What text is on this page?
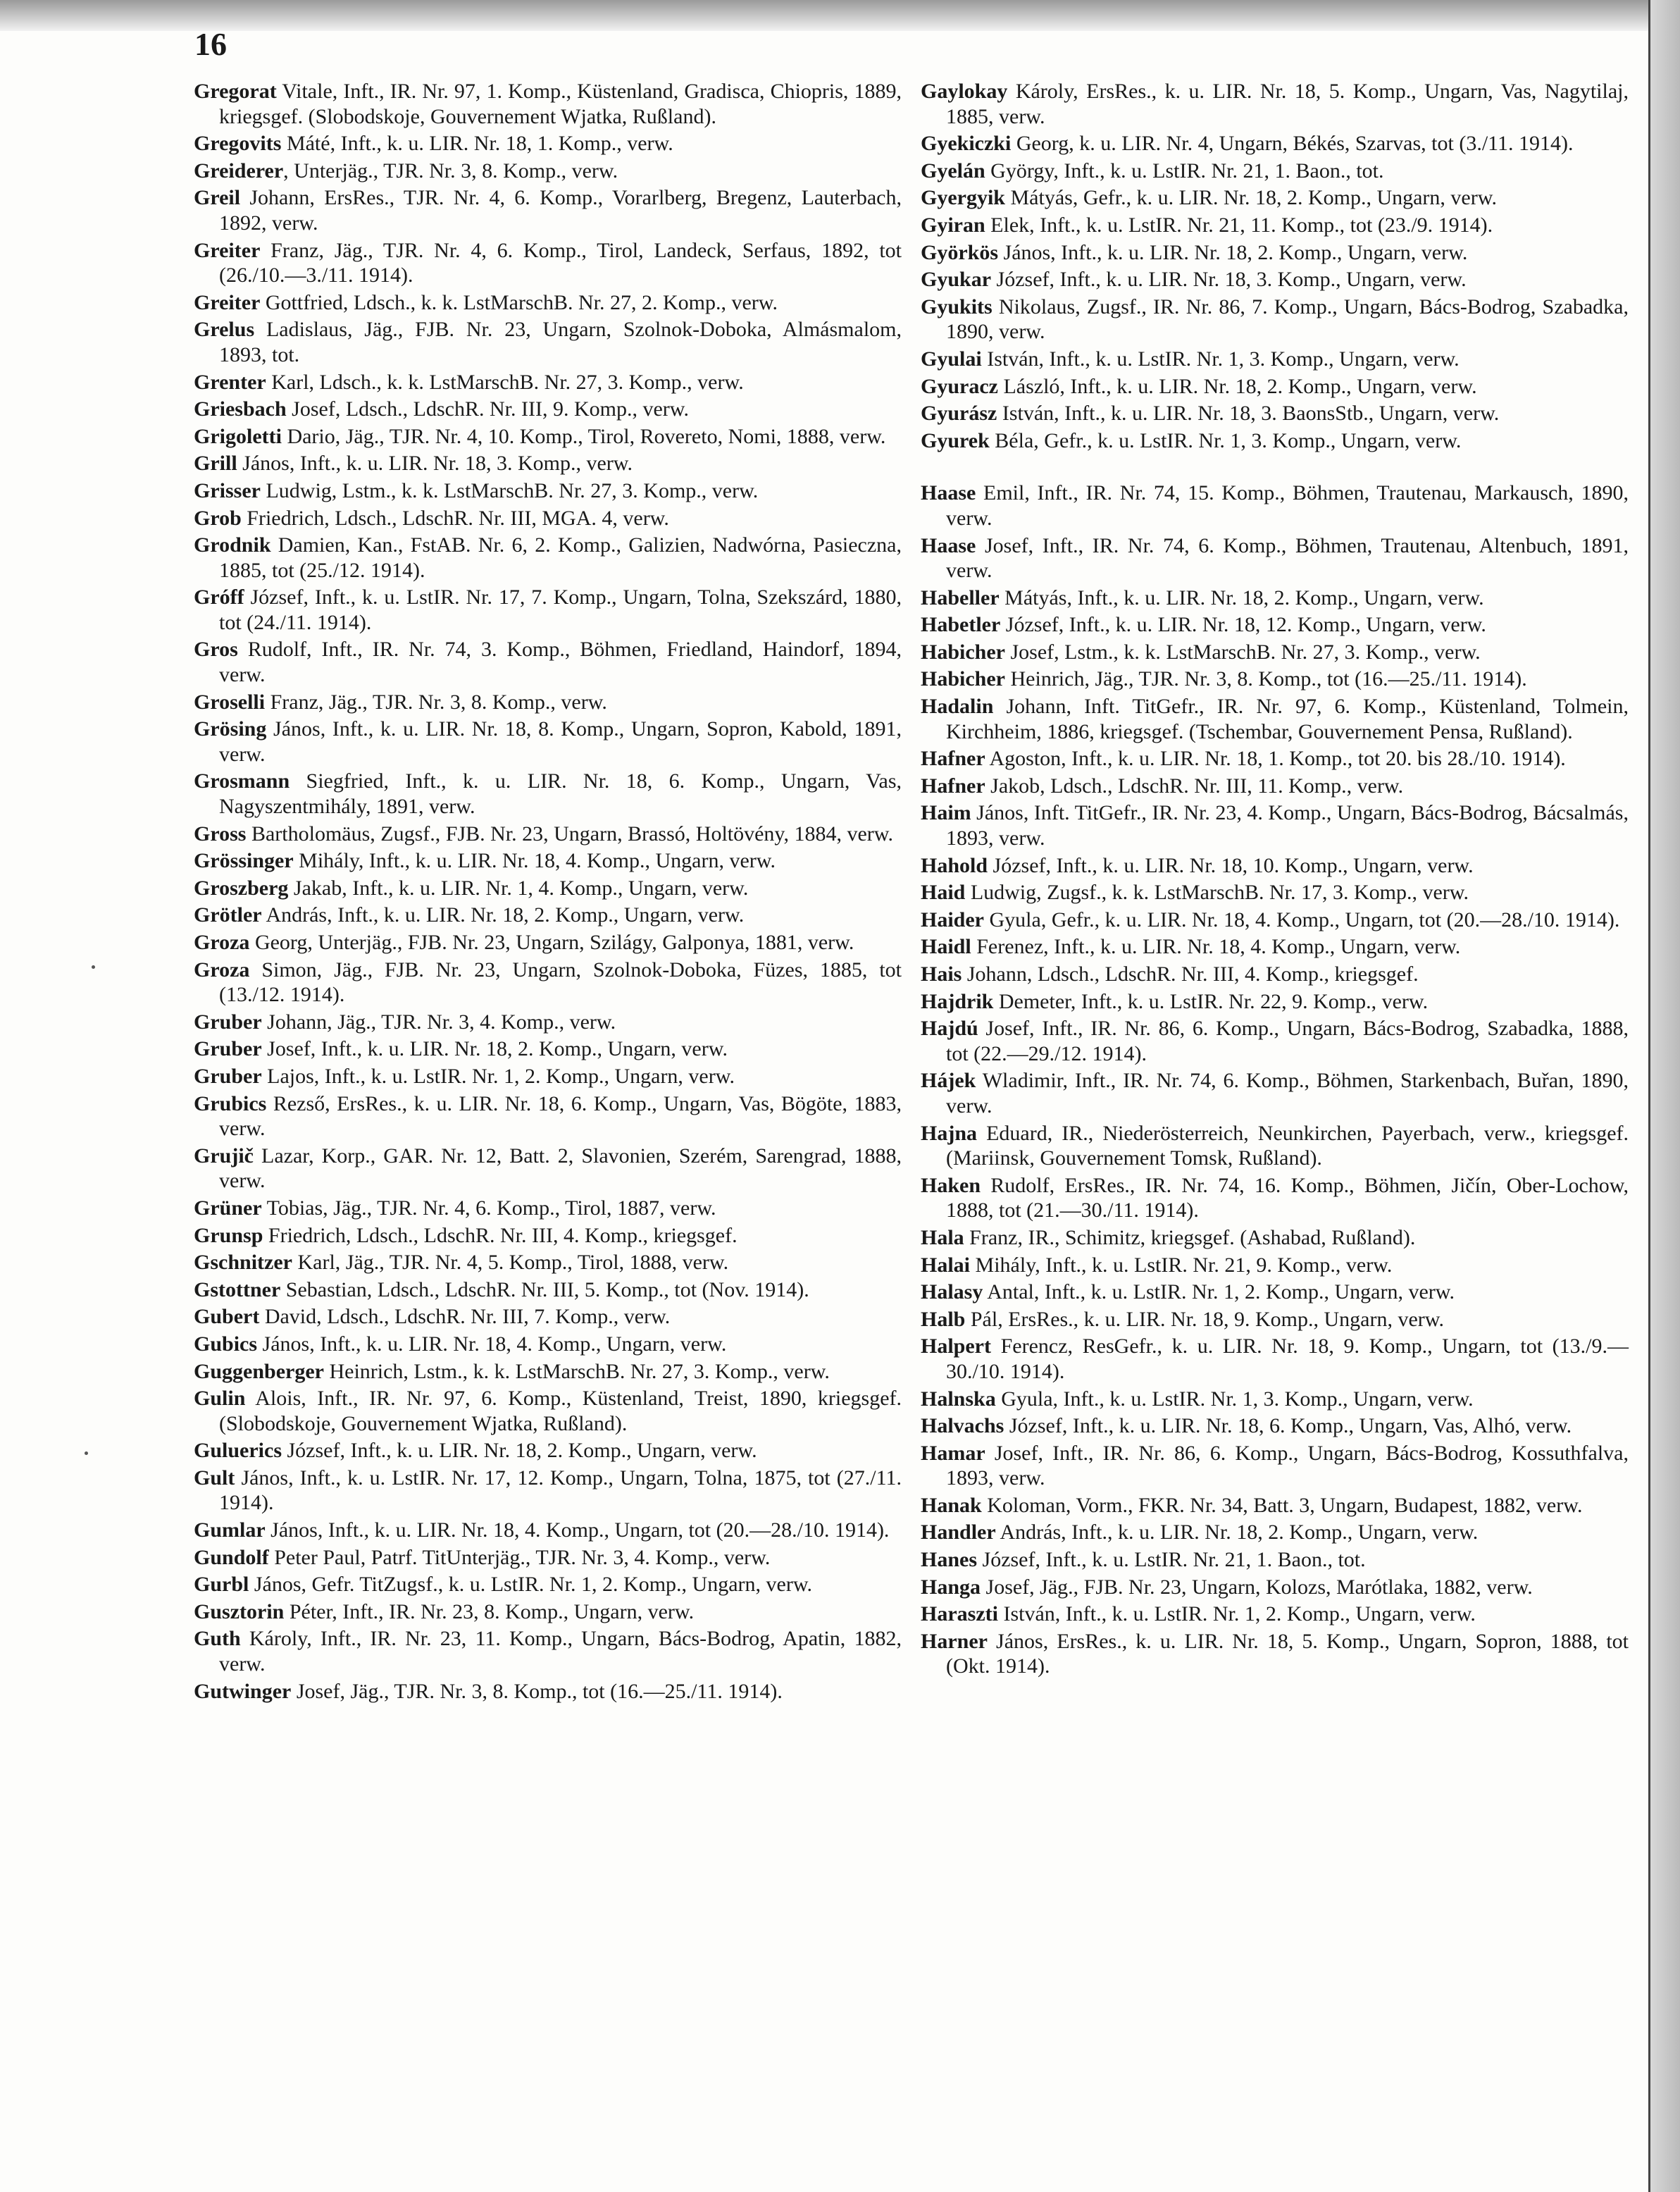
16

Gregorat Vitale, Inft., IR. Nr. 97, 1. Komp., Küstenland, Gradisca, Chiopris, 1889, kriegsgef. (Slobodskoje, Gouvernement Wjatka, Rußland).

Gregovits Máté, Inft., k. u. LIR. Nr. 18, 1. Komp., verw.

Greiderer, Unterjäg., TJR. Nr. 3, 8. Komp., verw.

Greil Johann, ErsRes., TJR. Nr. 4, 6. Komp., Vorarlberg, Bregenz, Lauterbach, 1892, verw.

Greiter Franz, Jäg., TJR. Nr. 4, 6. Komp., Tirol, Landeck, Serfaus, 1892, tot (26./10.—3./11. 1914).

Greiter Gottfried, Ldsch., k. k. LstMarschB. Nr. 27, 2. Komp., verw.

Grelus Ladislaus, Jäg., FJB. Nr. 23, Ungarn, Szolnok-Doboka, Almásmalom, 1893, tot.

Grenter Karl, Ldsch., k. k. LstMarschB. Nr. 27, 3. Komp., verw.

Griesbach Josef, Ldsch., LdschR. Nr. III, 9. Komp., verw.

Grigoletti Dario, Jäg., TJR. Nr. 4, 10. Komp., Tirol, Rovereto, Nomi, 1888, verw.

Grill János, Inft., k. u. LIR. Nr. 18, 3. Komp., verw.

Grisser Ludwig, Lstm., k. k. LstMarschB. Nr. 27, 3. Komp., verw.

Grob Friedrich, Ldsch., LdschR. Nr. III, MGA. 4, verw.

Grodnik Damien, Kan., FstAB. Nr. 6, 2. Komp., Galizien, Nadwórna, Pasieczna, 1885, tot (25./12. 1914).

Gróff József, Inft., k. u. LstIR. Nr. 17, 7. Komp., Ungarn, Tolna, Szekszárd, 1880, tot (24./11. 1914).

Gros Rudolf, Inft., IR. Nr. 74, 3. Komp., Böhmen, Friedland, Haindorf, 1894, verw.

Groselli Franz, Jäg., TJR. Nr. 3, 8. Komp., verw.

Grösing János, Inft., k. u. LIR. Nr. 18, 8. Komp., Ungarn, Sopron, Kabold, 1891, verw.

Grosmann Siegfried, Inft., k. u. LIR. Nr. 18, 6. Komp., Ungarn, Vas, Nagyszentmihály, 1891, verw.

Gross Bartholomäus, Zugsf., FJB. Nr. 23, Ungarn, Brassó, Holtövény, 1884, verw.

Grössinger Mihály, Inft., k. u. LIR. Nr. 18, 4. Komp., Ungarn, verw.

Groszberg Jakab, Inft., k. u. LIR. Nr. 1, 4. Komp., Ungarn, verw.

Grötler András, Inft., k. u. LIR. Nr. 18, 2. Komp., Ungarn, verw.

Groza Georg, Unterjäg., FJB. Nr. 23, Ungarn, Szilágy, Galponya, 1881, verw.

Groza Simon, Jäg., FJB. Nr. 23, Ungarn, Szolnok-Doboka, Füzes, 1885, tot (13./12. 1914).

Gruber Johann, Jäg., TJR. Nr. 3, 4. Komp., verw.

Gruber Josef, Inft., k. u. LIR. Nr. 18, 2. Komp., Ungarn, verw.

Gruber Lajos, Inft., k. u. LstIR. Nr. 1, 2. Komp., Ungarn, verw.

Grubics Rezső, ErsRes., k. u. LIR. Nr. 18, 6. Komp., Ungarn, Vas, Bögöte, 1883, verw.

Grujič Lazar, Korp., GAR. Nr. 12, Batt. 2, Slavonien, Szerém, Sarengrad, 1888, verw.

Grüner Tobias, Jäg., TJR. Nr. 4, 6. Komp., Tirol, 1887, verw.

Grunsp Friedrich, Ldsch., LdschR. Nr. III, 4. Komp., kriegsgef.

Gschnitzer Karl, Jäg., TJR. Nr. 4, 5. Komp., Tirol, 1888, verw.

Gstottner Sebastian, Ldsch., LdschR. Nr. III, 5. Komp., tot (Nov. 1914).

Gubert David, Ldsch., LdschR. Nr. III, 7. Komp., verw.

Gubics János, Inft., k. u. LIR. Nr. 18, 4. Komp., Ungarn, verw.

Guggenberger Heinrich, Lstm., k. k. LstMarschB. Nr. 27, 3. Komp., verw.

Gulin Alois, Inft., IR. Nr. 97, 6. Komp., Küstenland, Treist, 1890, kriegsgef. (Slobodskoje, Gouvernement Wjatka, Rußland).

Guluerics József, Inft., k. u. LIR. Nr. 18, 2. Komp., Ungarn, verw.

Gult János, Inft., k. u. LstIR. Nr. 17, 12. Komp., Ungarn, Tolna, 1875, tot (27./11. 1914).

Gumlar János, Inft., k. u. LIR. Nr. 18, 4. Komp., Ungarn, tot (20.—28./10. 1914).

Gundolf Peter Paul, Patrf. TitUnterjäg., TJR. Nr. 3, 4. Komp., verw.

Gurbl János, Gefr. TitZugsf., k. u. LstIR. Nr. 1, 2. Komp., Ungarn, verw.

Gusztorin Péter, Inft., IR. Nr. 23, 8. Komp., Ungarn, verw.

Guth Károly, Inft., IR. Nr. 23, 11. Komp., Ungarn, Bács-Bodrog, Apatin, 1882, verw.

Gutwinger Josef, Jäg., TJR. Nr. 3, 8. Komp., tot (16.—25./11. 1914).

Gaylokay Károly, ErsRes., k. u. LIR. Nr. 18, 5. Komp., Ungarn, Vas, Nagytilaj, 1885, verw.

Gyekiczki Georg, k. u. LIR. Nr. 4, Ungarn, Békés, Szarvas, tot (3./11. 1914).

Gyelán György, Inft., k. u. LstIR. Nr. 21, 1. Baon., tot.

Gyergyik Mátyás, Gefr., k. u. LIR. Nr. 18, 2. Komp., Ungarn, verw.

Gyiran Elek, Inft., k. u. LstIR. Nr. 21, 11. Komp., tot (23./9. 1914).

Györkös János, Inft., k. u. LIR. Nr. 18, 2. Komp., Ungarn, verw.

Gyukar József, Inft., k. u. LIR. Nr. 18, 3. Komp., Ungarn, verw.

Gyukits Nikolaus, Zugsf., IR. Nr. 86, 7. Komp., Ungarn, Bács-Bodrog, Szabadka, 1890, verw.

Gyulai István, Inft., k. u. LstIR. Nr. 1, 3. Komp., Ungarn, verw.

Gyuracz László, Inft., k. u. LIR. Nr. 18, 2. Komp., Ungarn, verw.

Gyurász István, Inft., k. u. LIR. Nr. 18, 3. BaonsStb., Ungarn, verw.

Gyurek Béla, Gefr., k. u. LstIR. Nr. 1, 3. Komp., Ungarn, verw.

Haase Emil, Inft., IR. Nr. 74, 15. Komp., Böhmen, Trautenau, Markausch, 1890, verw.

Haase Josef, Inft., IR. Nr. 74, 6. Komp., Böhmen, Trautenau, Altenbuch, 1891, verw.

Habeller Mátyás, Inft., k. u. LIR. Nr. 18, 2. Komp., Ungarn, verw.

Habetler József, Inft., k. u. LIR. Nr. 18, 12. Komp., Ungarn, verw.

Habicher Josef, Lstm., k. k. LstMarschB. Nr. 27, 3. Komp., verw.

Habicher Heinrich, Jäg., TJR. Nr. 3, 8. Komp., tot (16.—25./11. 1914).

Hadalin Johann, Inft. TitGefr., IR. Nr. 97, 6. Komp., Küstenland, Tolmein, Kirchheim, 1886, kriegsgef. (Tschembar, Gouvernement Pensa, Rußland).

Hafner Agoston, Inft., k. u. LIR. Nr. 18, 1. Komp., tot 20. bis 28./10. 1914).

Hafner Jakob, Ldsch., LdschR. Nr. III, 11. Komp., verw.

Haim János, Inft. TitGefr., IR. Nr. 23, 4. Komp., Ungarn, Bács-Bodrog, Bácsalmás, 1893, verw.

Hahold József, Inft., k. u. LIR. Nr. 18, 10. Komp., Ungarn, verw.

Haid Ludwig, Zugsf., k. k. LstMarschB. Nr. 17, 3. Komp., verw.

Haider Gyula, Gefr., k. u. LIR. Nr. 18, 4. Komp., Ungarn, tot (20.—28./10. 1914).

Haidl Ferenez, Inft., k. u. LIR. Nr. 18, 4. Komp., Ungarn, verw.

Hais Johann, Ldsch., LdschR. Nr. III, 4. Komp., kriegsgef.

Hajdrik Demeter, Inft., k. u. LstIR. Nr. 22, 9. Komp., verw.

Hajdú Josef, Inft., IR. Nr. 86, 6. Komp., Ungarn, Bács-Bodrog, Szabadka, 1888, tot (22.—29./12. 1914).

Hájek Wladimir, Inft., IR. Nr. 74, 6. Komp., Böhmen, Starkenbach, Buřan, 1890, verw.

Hajna Eduard, IR., Niederösterreich, Neunkirchen, Payerbach, verw., kriegsgef. (Mariinsk, Gouvernement Tomsk, Rußland).

Haken Rudolf, ErsRes., IR. Nr. 74, 16. Komp., Böhmen, Jičín, Ober-Lochow, 1888, tot (21.—30./11. 1914).

Hala Franz, IR., Schimitz, kriegsgef. (Ashabad, Rußland).

Halai Mihály, Inft., k. u. LstIR. Nr. 21, 9. Komp., verw.

Halasy Antal, Inft., k. u. LstIR. Nr. 1, 2. Komp., Ungarn, verw.

Halb Pál, ErsRes., k. u. LIR. Nr. 18, 9. Komp., Ungarn, verw.

Halpert Ferencz, ResGefr., k. u. LIR. Nr. 18, 9. Komp., Ungarn, tot (13./9.—30./10. 1914).

Halnska Gyula, Inft., k. u. LstIR. Nr. 1, 3. Komp., Ungarn, verw.

Halvachs József, Inft., k. u. LIR. Nr. 18, 6. Komp., Ungarn, Vas, Alhó, verw.

Hamar Josef, Inft., IR. Nr. 86, 6. Komp., Ungarn, Bács-Bodrog, Kossuthfalva, 1893, verw.

Hanak Koloman, Vorm., FKR. Nr. 34, Batt. 3, Ungarn, Budapest, 1882, verw.

Handler András, Inft., k. u. LIR. Nr. 18, 2. Komp., Ungarn, verw.

Hanes József, Inft., k. u. LstIR. Nr. 21, 1. Baon., tot.

Hanga Josef, Jäg., FJB. Nr. 23, Ungarn, Kolozs, Marótlaka, 1882, verw.

Haraszti István, Inft., k. u. LstIR. Nr. 1, 2. Komp., Ungarn, verw.

Harner János, ErsRes., k. u. LIR. Nr. 18, 5. Komp., Ungarn, Sopron, 1888, tot (Okt. 1914).
